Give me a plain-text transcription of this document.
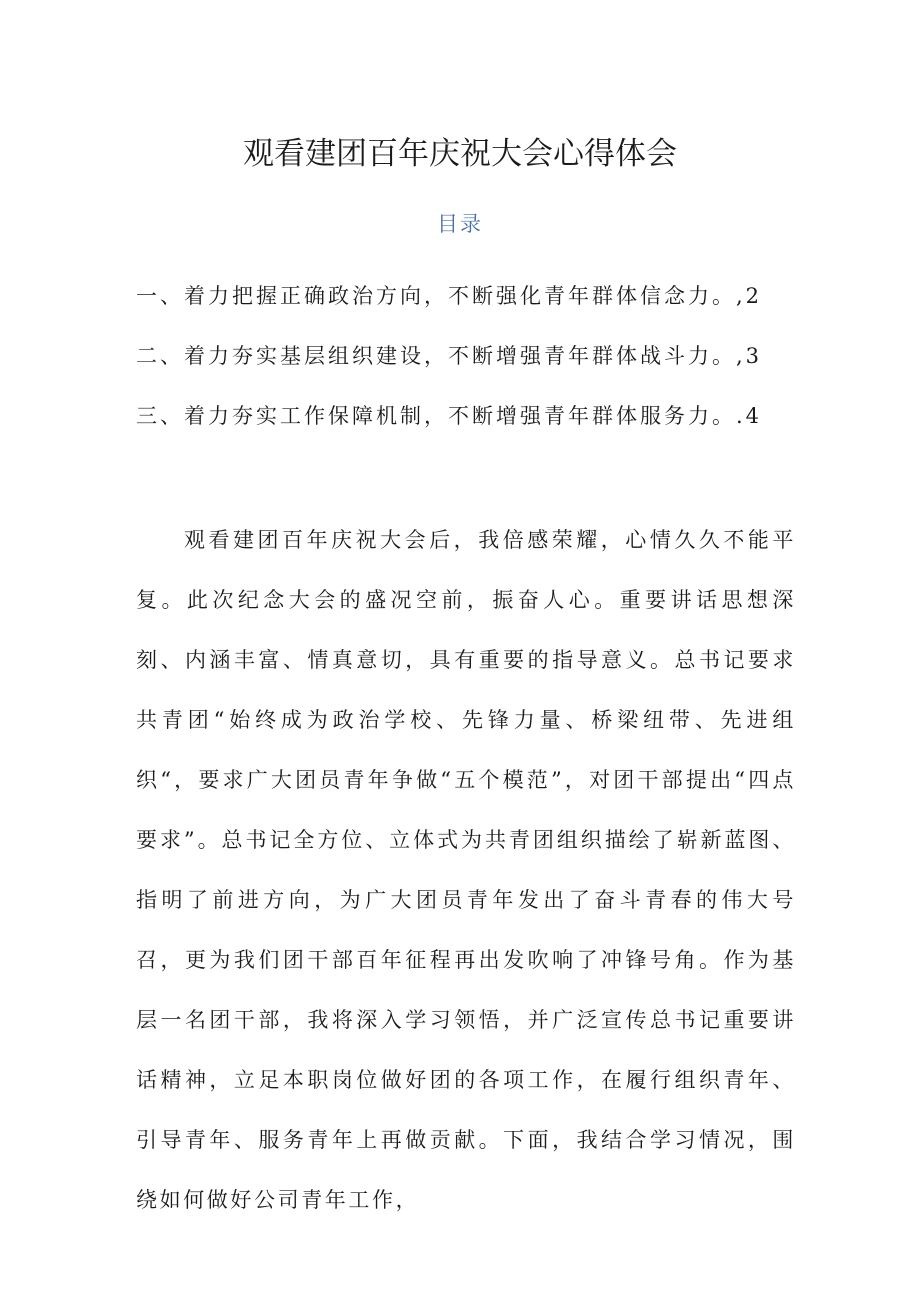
观看建团百年庆祝大会心得体会
目录

一、着力把握正确政治方向，不断强化青年群体信念力。,2二、着力夯实基层组织建设，不断增强青年群体战斗力。,3三、着力夯实工作保障机制，不断增强青年群体服务力。.4

观看建团百年庆祝大会后，我倍感荣耀，心情久久不能平复。此次纪念大会的盛况空前，振奋人心。重要讲话思想深刻、内涵丰富、情真意切，具有重要的指导意义。总书记要求共青团“始终成为政治学校、先锋力量、桥梁纽带、先进组织“，要求广大团员青年争做“五个模范”，对团干部提出“四点要求”。总书记全方位、立体式为共青团组织描绘了崭新蓝图、指明了前进方向，为广大团员青年发出了奋斗青春的伟大号召，更为我们团干部百年征程再出发吹响了冲锋号角。作为基层一名团干部，我将深入学习领悟，并广泛宣传总书记重要讲话精神，立足本职岗位做好团的各项工作，在履行组织青年、引导青年、服务青年上再做贡献。下面，我结合学习情况，围绕如何做好公司青年工作，
